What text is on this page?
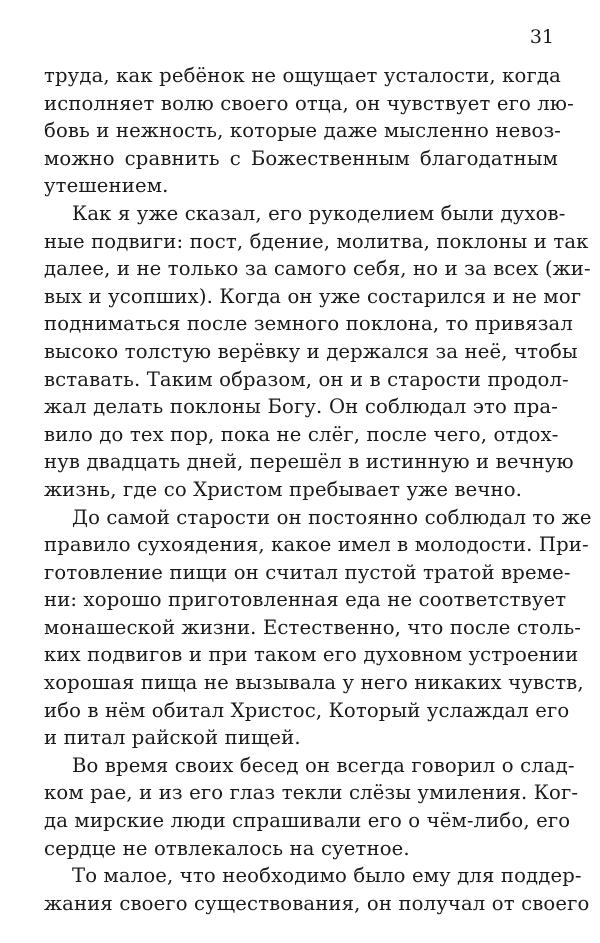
31
труда, как ребёнок не ощущает усталости, когда
исполняет волю своего отца, он чувствует его лю-
бовь и нежность, которые даже мысленно невоз-
можно сравнить с Божественным благодатным
утешением.
Как я уже сказал, его рукоделием были духов-
ные подвиги: пост, бдение, молитва, поклоны и так
далее, и не только за самого себя, но и за всех (жи-
вых и усопших). Когда он уже состарился и не мог
подниматься после земного поклона, то привязал
высоко толстую верёвку и держался за неё, чтобы
вставать. Таким образом, он и в старости продол-
жал делать поклоны Богу. Он соблюдал это пра-
вило до тех пор, пока не слёг, после чего, отдох-
нув двадцать дней, перешёл в истинную и вечную
жизнь, где со Христом пребывает уже вечно.
До самой старости он постоянно соблюдал то же
правило сухоядения, какое имел в молодости. При-
готовление пищи он считал пустой тратой време-
ни: хорошо приготовленная еда не соответствует
монашеской жизни. Естественно, что после столь-
ких подвигов и при таком его духовном устроении
хорошая пища не вызывала у него никаких чувств,
ибо в нём обитал Христос, Который услаждал его
и питал райской пищей.
Во время своих бесед он всегда говорил о слад-
ком рае, и из его глаз текли слёзы умиления. Ког-
да мирские люди спрашивали его о чём-либо, его
сердце не отвлекалось на суетное.
То малое, что необходимо было ему для поддер-
жания своего существования, он получал от своего
